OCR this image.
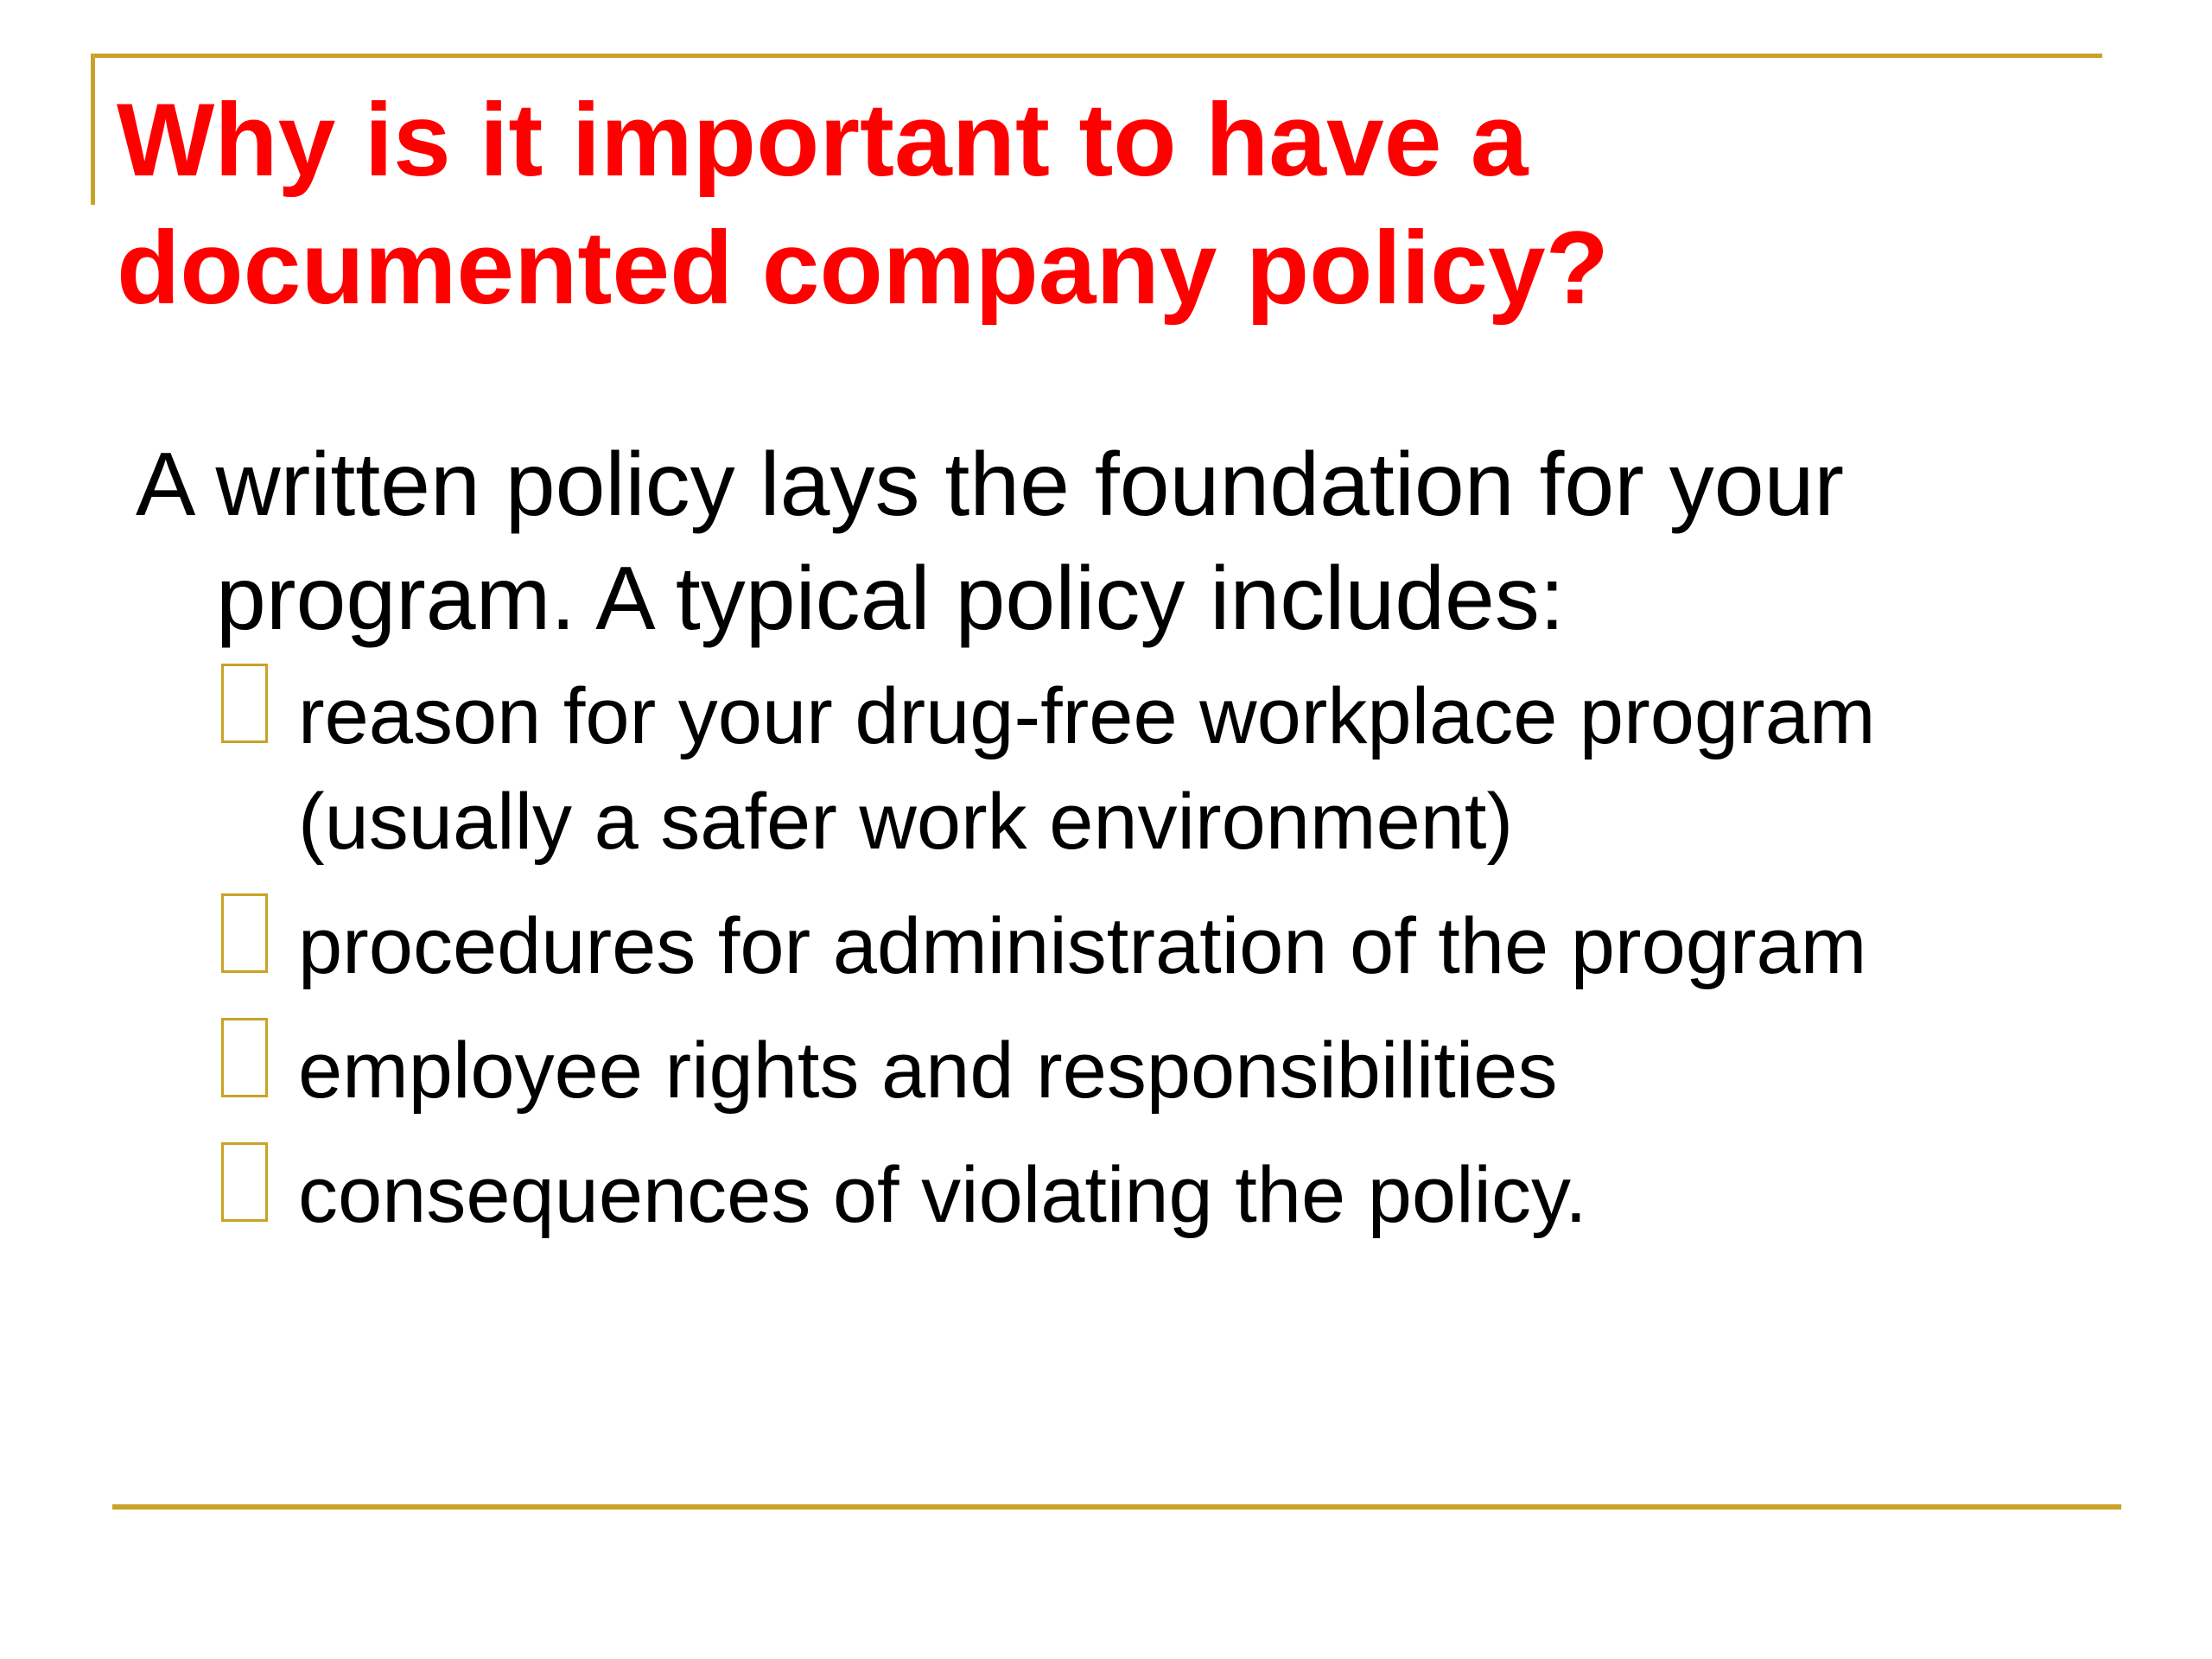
Why is it important to have a documented company policy?

A written policy lays the foundation for your program. A typical policy includes:

reason for your drug-free workplace program (usually a safer work environment)
procedures for administration of the program
employee rights and responsibilities
consequences of violating the policy.
